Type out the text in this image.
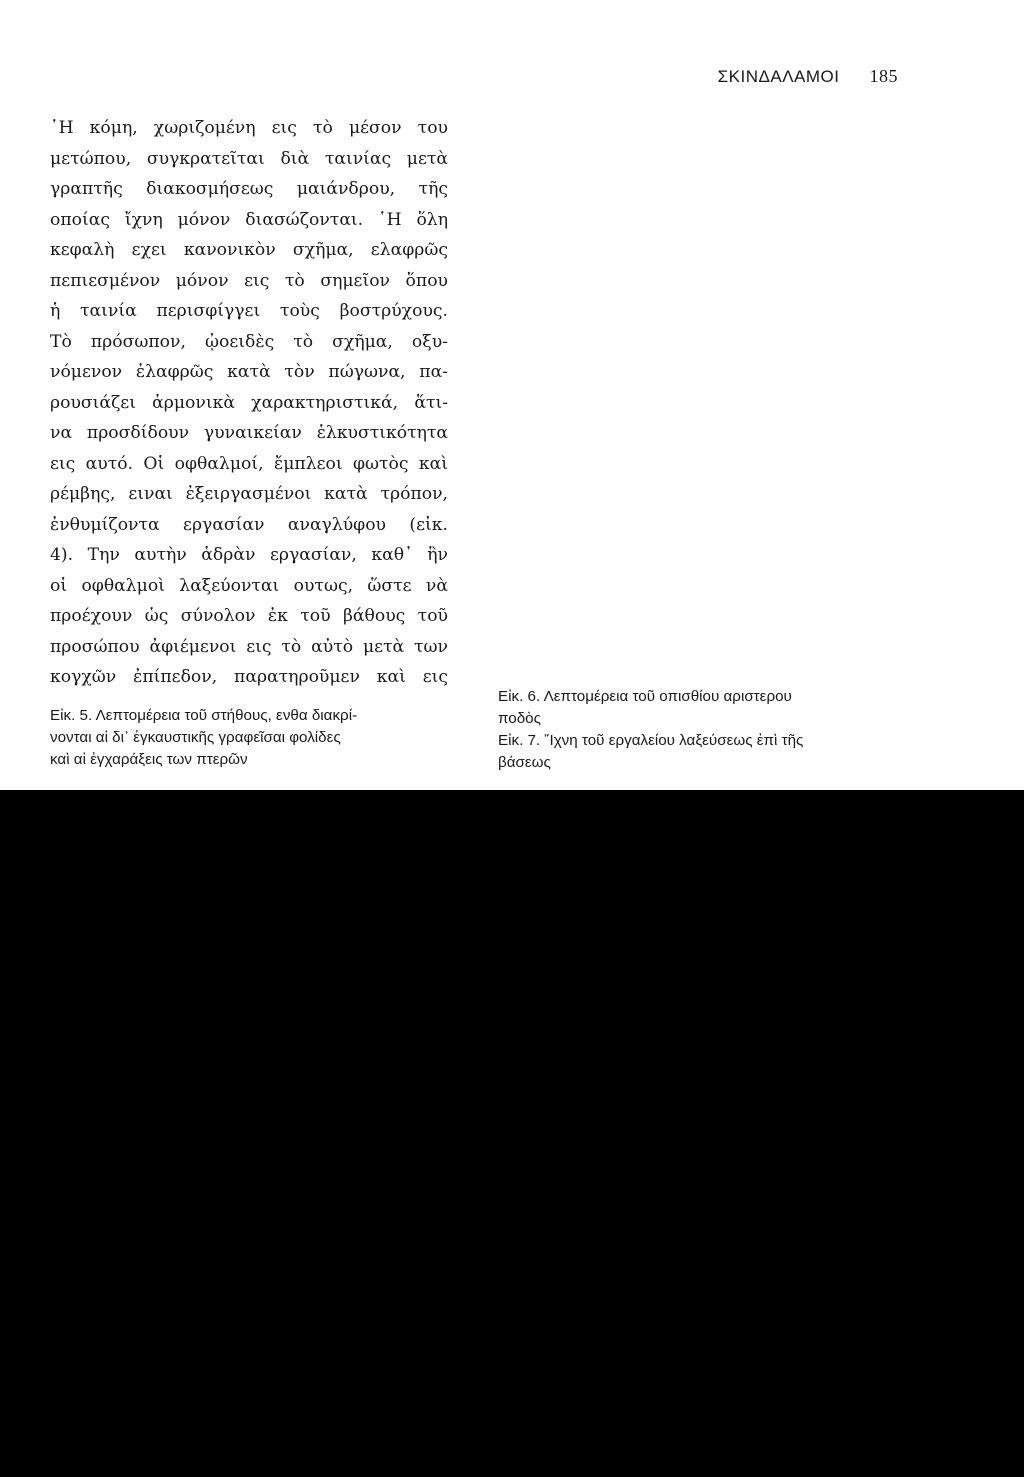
ΣΚΙΝΔΑΛΑΜΟΙ 185

῾Η κόμη, χωριζομένη εις τὸ μέσον του
μετώπου, συγκρατεῖται διὰ ταινίας μετὰ
γραπτῆς διακοσμήσεως μαιάνδρου, τῆς
οποίας ἴχνη μόνον διασώζονται. ῾Η ὅλη
κεφαλὴ εχει κανονικὸν σχῆμα, ελαφρῶς
πεπιεσμένον μόνον εις τὸ σημεῖον ὅπου
ἡ ταινία περισφίγγει τοὺς βοστρύχους.
Τὸ πρόσωπον, ᾠοειδὲς τὸ σχῆμα, οξυ-
νόμενον ἐλαφρῶς κατὰ τὸν πώγωνα, πα-
ρουσιάζει ἁρμονικὰ χαρακτηριστικά, ἅτι-
να προσδίδουν γυναικείαν ἑλκυστικότητα
εις αυτό. Οἱ οφθαλμοί, ἔμπλεοι φωτὸς καὶ
ρέμβης, ειναι ἐξειργασμένοι κατὰ τρόπον,
ἐνθυμίζοντα εργασίαν αναγλύφου (εἰκ.
4). Την αυτὴν ἁδρὰν εργασίαν, καθ᾽ ἣν
οἱ οφθαλμοὶ λαξεύονται ουτως, ὥστε νὰ
προέχουν ὡς σύνολον ἐκ τοῦ βάθους τοῦ
προσώπου ἀφιέμενοι εις τὸ αὐτὸ μετὰ των
κογχῶν ἐπίπεδον, παρατηροῦμεν καὶ εις

Εἰκ. 5. Λεπτομέρεια τοῦ στήθους, ενθα διακρί-
νονται αἱ δι᾽ ἐγκαυστικῆς γραφεῖσαι φολίδες
καὶ αἱ ἐγχαράξεις των πτερῶν

Εἰκ. 6. Λεπτομέρεια τοῦ οπισθίου αριστερου
ποδὸς
Εἰκ. 7. ῎Ιχνη τοῦ εργαλείου λαξεύσεως ἐπὶ τῆς
βάσεως
